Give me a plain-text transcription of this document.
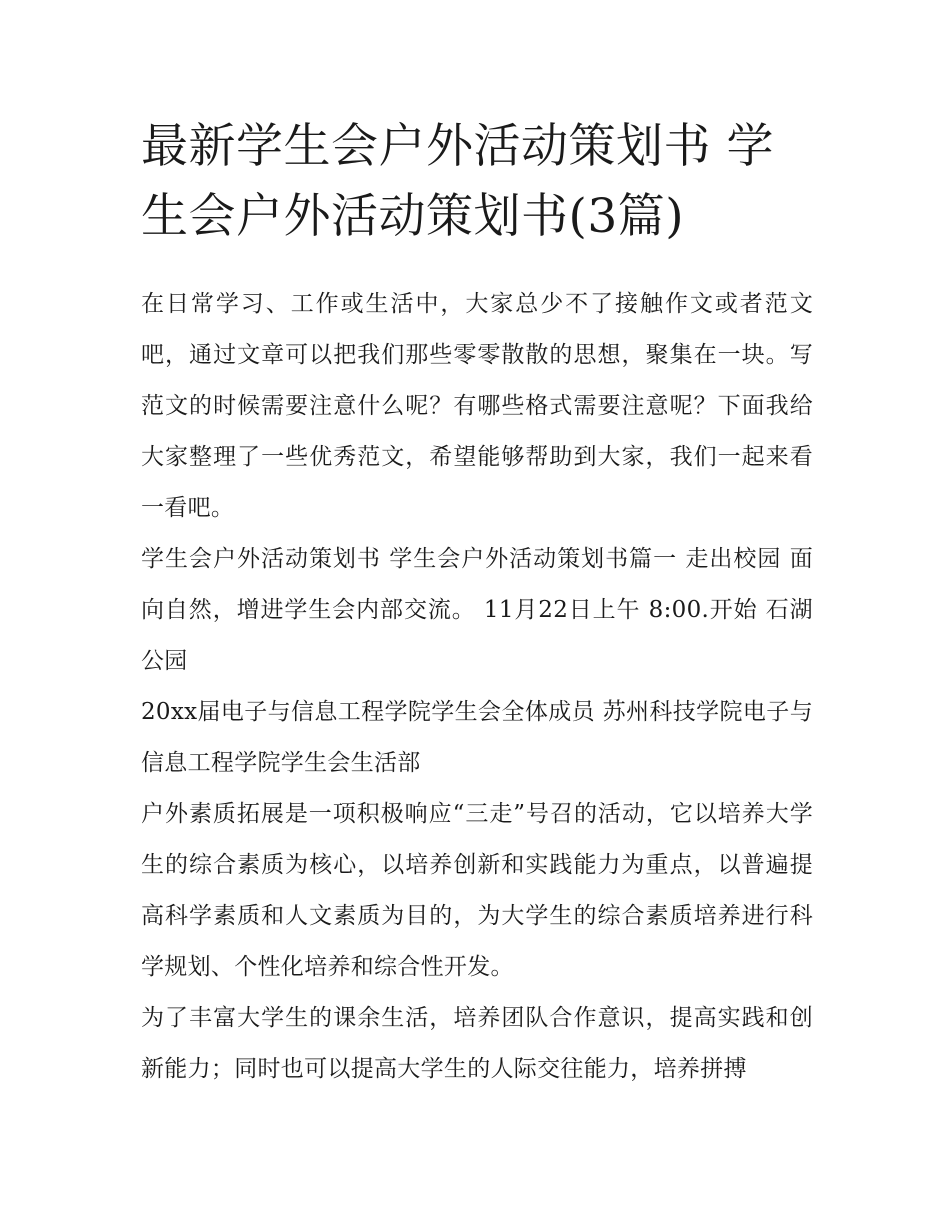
最新学生会户外活动策划书 学生会户外活动策划书(3篇)

在日常学习、工作或生活中，大家总少不了接触作文或者范文吧，通过文章可以把我们那些零零散散的思想，聚集在一块。写范文的时候需要注意什么呢？有哪些格式需要注意呢？下面我给大家整理了一些优秀范文，希望能够帮助到大家，我们一起来看一看吧。

学生会户外活动策划书 学生会户外活动策划书篇一 走出校园 面向自然，增进学生会内部交流。 11月22日上午 8:00.开始 石湖公园

20xx届电子与信息工程学院学生会全体成员 苏州科技学院电子与信息工程学院学生会生活部

户外素质拓展是一项积极响应“三走”号召的活动，它以培养大学生的综合素质为核心，以培养创新和实践能力为重点，以普遍提高科学素质和人文素质为目的，为大学生的综合素质培养进行科学规划、个性化培养和综合性开发。

为了丰富大学生的课余生活，培养团队合作意识，提高实践和创新能力；同时也可以提高大学生的人际交往能力，培养拼搏
